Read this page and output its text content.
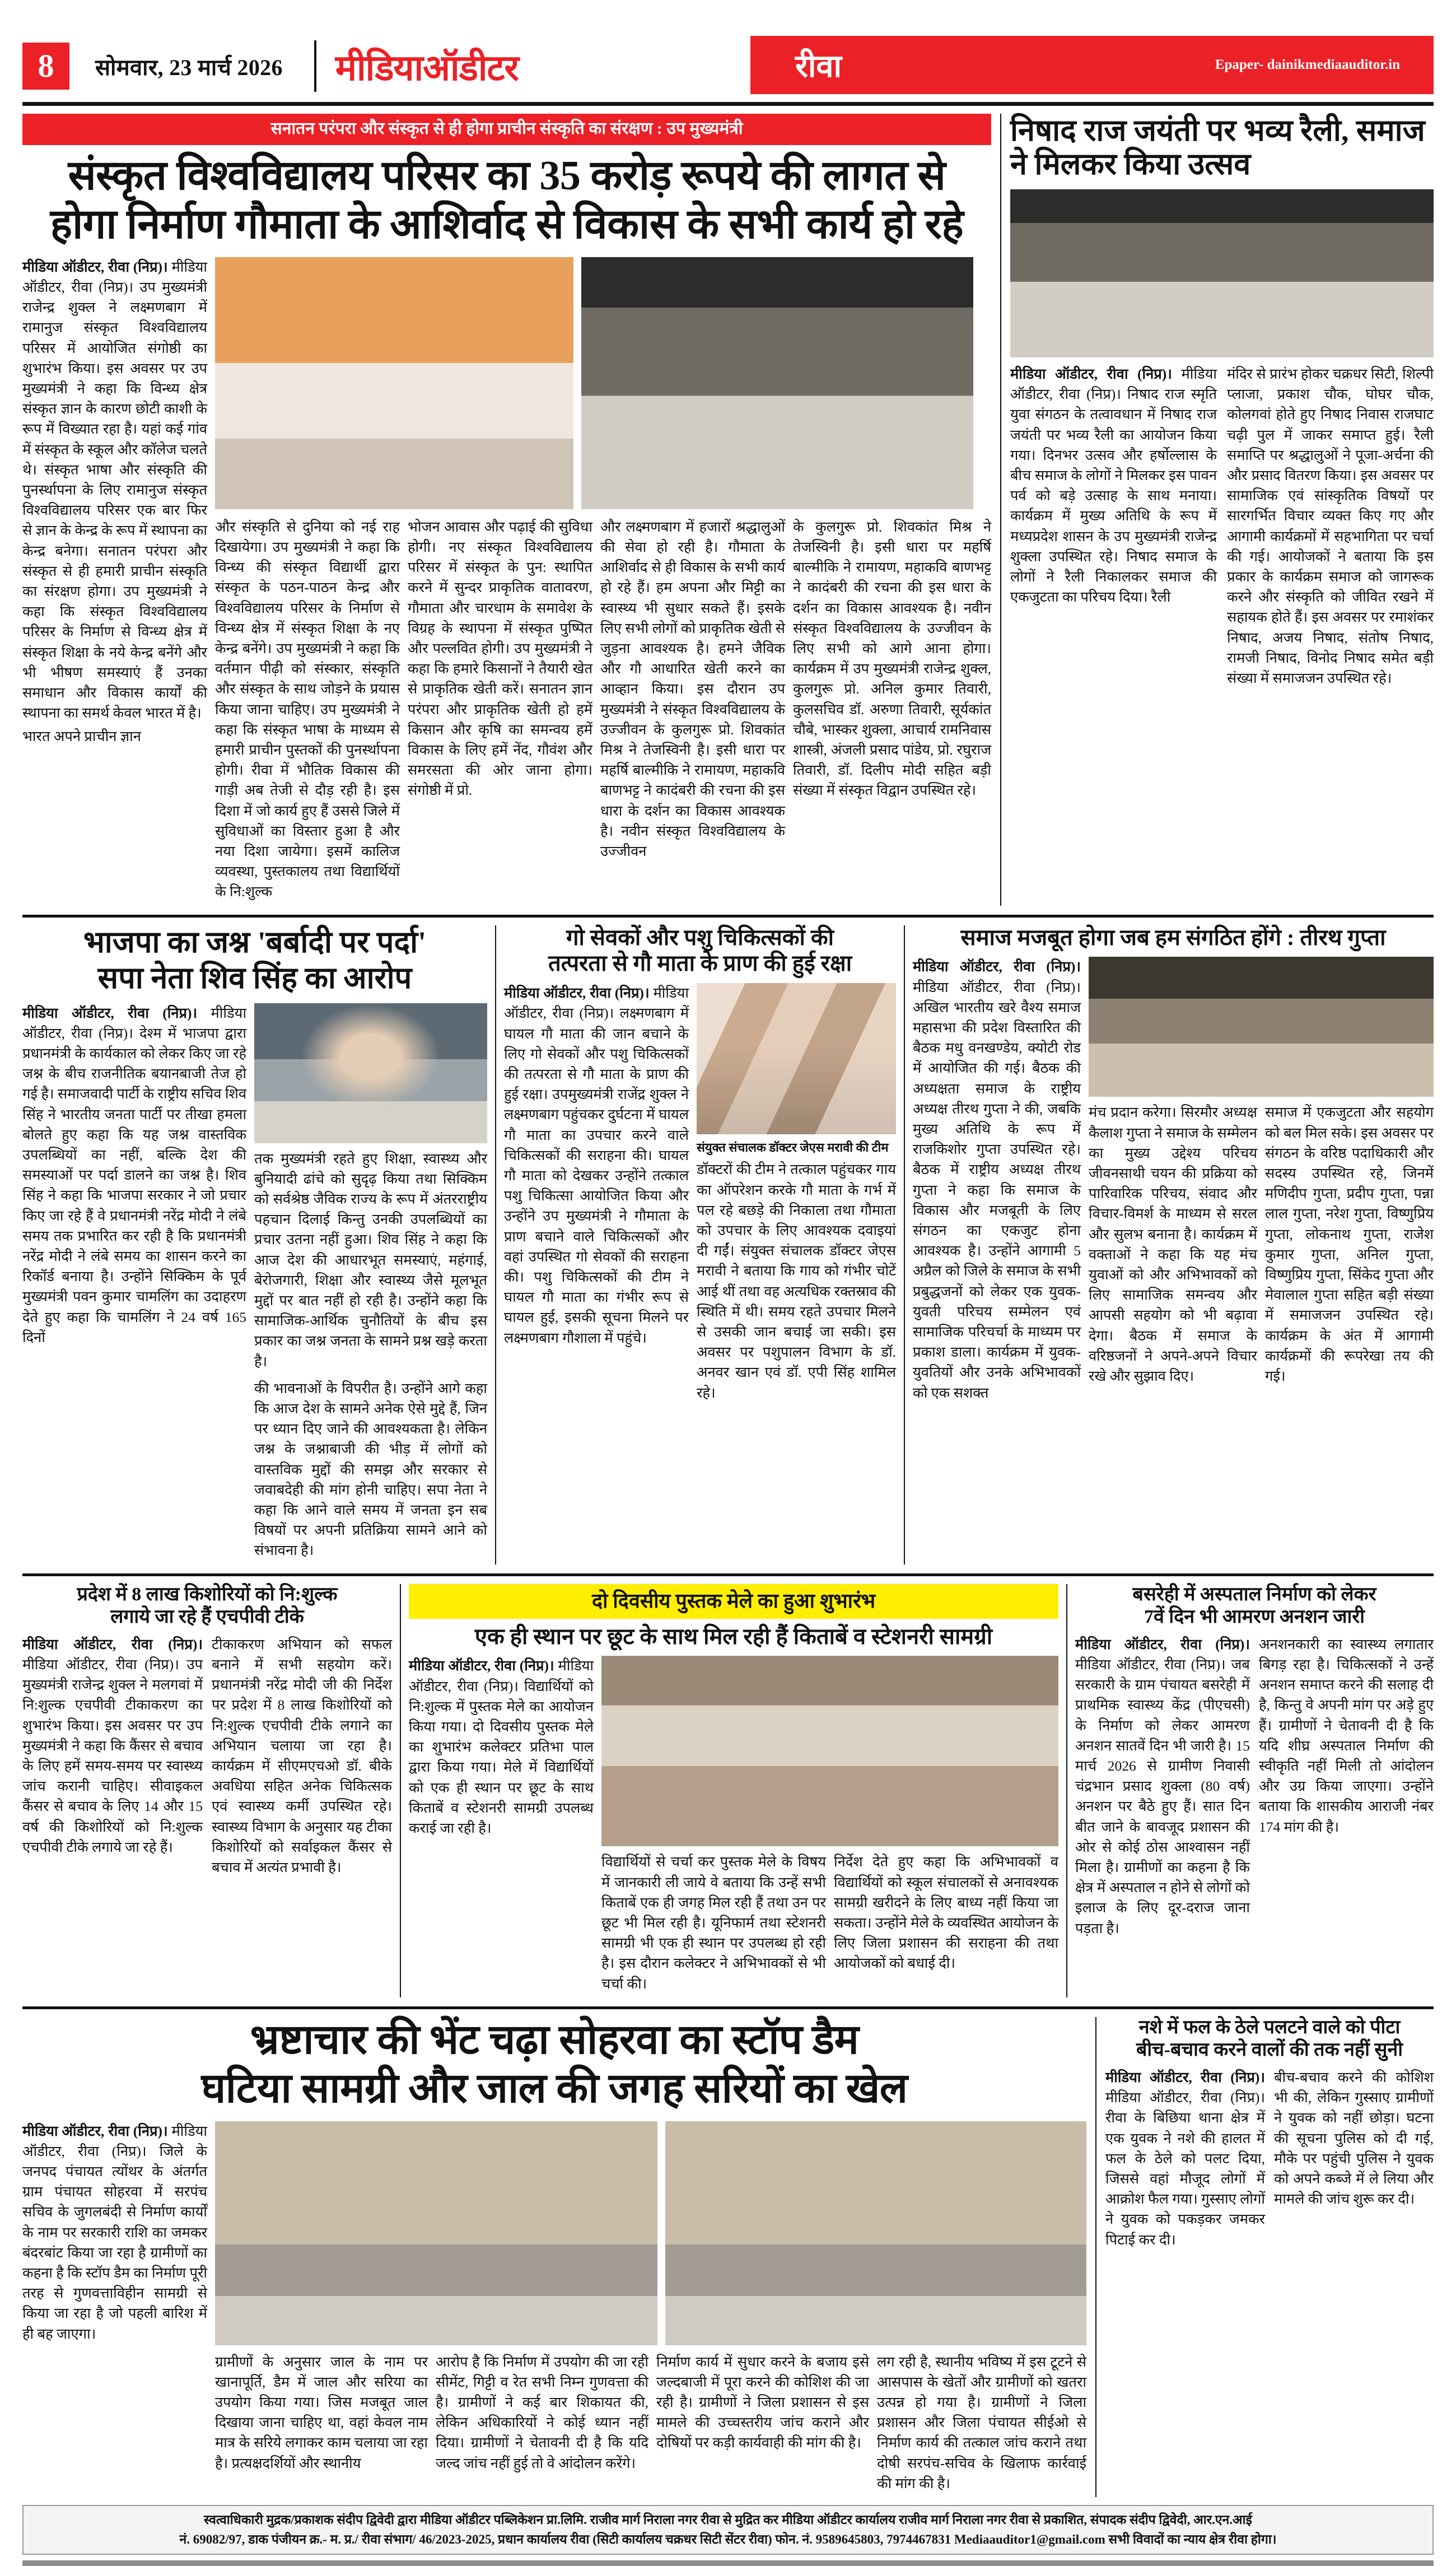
8	सोमवार, 23 मार्च 2026 मीडियाऑडीटर	रीवा	Epaper- dainikmediaauditor.in
सनातन परंपरा और संस्कृत से ही होगा प्राचीन संस्कृति का संरक्षण : उप मुख्यमंत्री
संस्कृत विश्वविद्यालय परिसर का 35 करोड़ रूपये की लागत से
होगा निर्माण गौमाता के आशिर्वाद से विकास के सभी कार्य हो रहे

मीडिया ऑडीटर, रीवा (निप्र)। मीडिया ऑडीटर, रीवा (निप्र)। उप मुख्यमंत्री राजेन्द्र शुक्ल ने लक्ष्मणबाग में रामानुज संस्कृत विश्वविद्यालय परिसर में आयोजित संगोष्ठी का शुभारंभ किया। इस अवसर पर उप मुख्यमंत्री ने कहा कि विन्ध्य क्षेत्र संस्कृत ज्ञान के कारण छोटी काशी के रूप में विख्यात रहा है। यहां कई गांव में संस्कृत के स्कूल और कॉलेज चलते थे। संस्कृत भाषा और संस्कृति की पुनर्स्थापना के लिए रामानुज संस्कृत विश्वविद्यालय परिसर एक बार फिर से ज्ञान के केन्द्र के रूप में स्थापना का केन्द्र बनेगा। सनातन परंपरा और संस्कृत से ही हमारी प्राचीन संस्कृति का संरक्षण होगा। उप मुख्यमंत्री ने कहा कि संस्कृत विश्वविद्यालय परिसर के निर्माण से विन्ध्य क्षेत्र में संस्कृत शिक्षा के नये केन्द्र बनेंगे और भी भीषण समस्याएं हैं उनका समाधान और विकास कार्यों की स्थापना का समर्थ केवल भारत में है।

भारत अपने प्राचीन ज्ञान

और संस्कृति से दुनिया को नई राह दिखायेगा। उप मुख्यमंत्री ने कहा कि विन्ध्य की संस्कृत विद्यार्थी द्वारा संस्कृत के पठन-पाठन केन्द्र और विश्वविद्यालय परिसर के निर्माण से विन्ध्य क्षेत्र में संस्कृत शिक्षा के नए केन्द्र बनेंगे। उप मुख्यमंत्री ने कहा कि वर्तमान पीढ़ी को संस्कार, संस्कृति और संस्कृत के साथ जोड़ने के प्रयास किया जाना चाहिए। उप मुख्यमंत्री ने कहा कि संस्कृत भाषा के माध्यम से हमारी प्राचीन पुस्तकों की पुनर्स्थापना होगी। रीवा में भौतिक विकास की गाड़ी अब तेजी से दौड़ रही है। इस दिशा में जो कार्य हुए हैं उससे जिले में सुविधाओं का विस्तार हुआ है और नया दिशा जायेगा। इसमें कालिज व्यवस्था, पुस्तकालय तथा विद्यार्थियों के नि:शुल्क

भोजन आवास और पढ़ाई की सुविधा होगी। नए संस्कृत विश्वविद्यालय परिसर में संस्कृत के पुन: स्थापित करने में सुन्दर प्राकृतिक वातावरण, गौमाता और चारधाम के समावेश के विग्रह के स्थापना में संस्कृत पुष्पित और पल्लवित होगी। उप मुख्यमंत्री ने कहा कि हमारे किसानों ने तैयारी खेत से प्राकृतिक खेती करें। सनातन ज्ञान परंपरा और प्राकृतिक खेती हो हमें किसान और कृषि का समन्वय हमें विकास के लिए हमें नेंद, गौवंश और समरसता की ओर जाना होगा। संगोष्ठी में प्रो.

और लक्ष्मणबाग में हजारों श्रद्धालुओं की सेवा हो रही है। गौमाता के आशिर्वाद से ही विकास के सभी कार्य हो रहे हैं। हम अपना और मिट्टी का स्वास्थ्य भी सुधार सकते हैं। इसके लिए सभी लोगों को प्राकृतिक खेती से जुड़ना आवश्यक है। हमने जैविक और गौ आधारित खेती करने का आव्हान किया। इस दौरान उप मुख्यमंत्री ने संस्कृत विश्वविद्यालय के उज्जीवन के कुलगुरू प्रो. शिवकांत मिश्र ने तेजस्विनी है। इसी धारा पर महर्षि बाल्मीकि ने रामायण, महाकवि बाणभट्ट ने कादंबरी की रचना की इस धारा के दर्शन का विकास आवश्यक है। नवीन संस्कृत विश्वविद्यालय के उज्जीवन

के कुलगुरू प्रो. शिवकांत मिश्र ने तेजस्विनी है। इसी धारा पर महर्षि बाल्मीकि ने रामायण, महाकवि बाणभट्ट ने कादंबरी की रचना की इस धारा के दर्शन का विकास आवश्यक है। नवीन संस्कृत विश्वविद्यालय के उज्जीवन के लिए सभी को आगे आना होगा। कार्यक्रम में उप मुख्यमंत्री राजेन्द्र शुक्ल, कुलगुरू प्रो. अनिल कुमार तिवारी, कुलसचिव डॉ. अरुणा तिवारी, सूर्यकांत चौबे, भास्कर शुक्ला, आचार्य रामनिवास शास्त्री, अंजली प्रसाद पांडेय, प्रो. रघुराज तिवारी, डॉ. दिलीप मोदी सहित बड़ी संख्या में संस्कृत विद्वान उपस्थित रहे।

निषाद राज जयंती पर भव्य रैली, समाज ने मिलकर किया उत्सव

मीडिया ऑडीटर, रीवा (निप्र)। मीडिया ऑडीटर, रीवा (निप्र)। निषाद राज स्मृति युवा संगठन के तत्वावधान में निषाद राज जयंती पर भव्य रैली का आयोजन किया गया। दिनभर उत्सव और हर्षोल्लास के बीच समाज के लोगों ने मिलकर इस पावन पर्व को बड़े उत्साह के साथ मनाया। कार्यक्रम में मुख्य अतिथि के रूप में मध्यप्रदेश शासन के उप मुख्यमंत्री राजेन्द्र शुक्ला उपस्थित रहे। निषाद समाज के लोगों ने रैली निकालकर समाज की एकजुटता का परिचय दिया। रैली

मंदिर से प्रारंभ होकर चक्रधर सिटी, शिल्पी प्लाजा, प्रकाश चौक, घोघर चौक, कोलगवां होते हुए निषाद निवास राजघाट चढ़ी पुल में जाकर समाप्त हुई। रैली समाप्ति पर श्रद्धालुओं ने पूजा-अर्चना की और प्रसाद वितरण किया। इस अवसर पर सामाजिक एवं सांस्कृतिक विषयों पर सारगर्भित विचार व्यक्त किए गए और आगामी कार्यक्रमों में सहभागिता पर चर्चा की गई। आयोजकों ने बताया कि इस प्रकार के कार्यक्रम समाज को जागरूक करने और संस्कृति को जीवित रखने में सहायक होते हैं। इस अवसर पर रमाशंकर निषाद, अजय निषाद, संतोष निषाद, रामजी निषाद, विनोद निषाद समेत बड़ी संख्या में समाजजन उपस्थित रहे।

भाजपा का जश्न 'बर्बादी पर पर्दा'
सपा नेता शिव सिंह का आरोप

मीडिया ऑडीटर, रीवा (निप्र)। मीडिया ऑडीटर, रीवा (निप्र)। देश्म में भाजपा द्वारा प्रधानमंत्री के कार्यकाल को लेकर किए जा रहे जश्न के बीच राजनीतिक बयानबाजी तेज हो गई है। समाजवादी पार्टी के राष्ट्रीय सचिव शिव सिंह ने भारतीय जनता पार्टी पर तीखा हमला बोलते हुए कहा कि यह जश्न वास्तविक उपलब्धियों का नहीं, बल्कि देश की समस्याओं पर पर्दा डालने का जश्न है। शिव सिंह ने कहा कि भाजपा सरकार ने जो प्रचार किए जा रहे हैं वे प्रधानमंत्री नरेंद्र मोदी ने लंबे समय तक प्रभारित कर रही है कि प्रधानमंत्री नरेंद्र मोदी ने लंबे समय का शासन करने का रिकॉर्ड बनाया है। उन्होंने सिक्किम के पूर्व मुख्यमंत्री पवन कुमार चामलिंग का उदाहरण देते हुए कहा कि चामलिंग ने 24 वर्ष 165 दिनों

तक मुख्यमंत्री रहते हुए शिक्षा, स्वास्थ्य और बुनियादी ढांचे को सुदृढ़ किया तथा सिक्किम को सर्वश्रेष्ठ जैविक राज्य के रूप में अंतरराष्ट्रीय पहचान दिलाई किन्तु उनकी उपलब्धियों का प्रचार उतना नहीं हुआ। शिव सिंह ने कहा कि आज देश की आधारभूत समस्याएं, महंगाई, बेरोजगारी, शिक्षा और स्वास्थ्य जैसे मूलभूत मुद्दों पर बात नहीं हो रही है। उन्होंने कहा कि सामाजिक-आर्थिक चुनौतियों के बीच इस प्रकार का जश्न जनता के सामने प्रश्न खड़े करता है।

की भावनाओं के विपरीत है। उन्होंने आगे कहा कि आज देश के सामने अनेक ऐसे मुद्दे हैं, जिन पर ध्यान दिए जाने की आवश्यकता है। लेकिन जश्न के जश्नाबाजी की भीड़ में लोगों को वास्तविक मुद्दों की समझ और सरकार से जवाबदेही की मांग होनी चाहिए। सपा नेता ने कहा कि आने वाले समय में जनता इन सब विषयों पर अपनी प्रतिक्रिया सामने आने को संभावना है।

गो सेवकों और पशु चिकित्सकों की
तत्परता से गौ माता के प्राण की हुई रक्षा

मीडिया ऑडीटर, रीवा (निप्र)। मीडिया ऑडीटर, रीवा (निप्र)। लक्ष्मणबाग में घायल गौ माता की जान बचाने के लिए गो सेवकों और पशु चिकित्सकों की तत्परता से गौ माता के प्राण की हुई रक्षा। उपमुख्यमंत्री राजेंद्र शुक्ल ने लक्ष्मणबाग पहुंचकर दुर्घटना में घायल गौ माता का उपचार करने वाले चिकित्सकों की सराहना की। घायल गौ माता को देखकर उन्होंने तत्काल पशु चिकित्सा आयोजित किया और उन्होंने उप मुख्यमंत्री ने गौमाता के प्राण बचाने वाले चिकित्सकों और वहां उपस्थित गो सेवकों की सराहना की। पशु चिकित्सकों की टीम ने घायल गौ माता का गंभीर रूप से घायल हुई, इसकी सूचना मिलने पर लक्ष्मणबाग गौशाला में पहुंचे।

संयुक्त संचालक डॉक्टर जेएस मरावी की टीम

डॉक्टरों की टीम ने तत्काल पहुंचकर गाय का ऑपरेशन करके गौ माता के गर्भ में पल रहे बछड़े की निकाला तथा गौमाता को उपचार के लिए आवश्यक दवाइयां दी गईं। संयुक्त संचालक डॉक्टर जेएस मरावी ने बताया कि गाय को गंभीर चोटें आई थीं तथा वह अत्यधिक रक्तस्राव की स्थिति में थी। समय रहते उपचार मिलने से उसकी जान बचाई जा सकी। इस अवसर पर पशुपालन विभाग के डॉ. अनवर खान एवं डॉ. एपी सिंह शामिल रहे।

समाज मजबूत होगा जब हम संगठित होंगे : तीरथ गुप्ता

मीडिया ऑडीटर, रीवा (निप्र)। मीडिया ऑडीटर, रीवा (निप्र)। अखिल भारतीय खरे वैश्य समाज महासभा की प्रदेश विस्तारित की बैठक मधु वनखण्डेय, क्योटी रोड में आयोजित की गई। बैठक की अध्यक्षता समाज के राष्ट्रीय अध्यक्ष तीरथ गुप्ता ने की, जबकि मुख्य अतिथि के रूप में राजकिशोर गुप्ता उपस्थित रहे। बैठक में राष्ट्रीय अध्यक्ष तीरथ गुप्ता ने कहा कि समाज के विकास और मजबूती के लिए संगठन का एकजुट होना आवश्यक है। उन्होंने आगामी 5 अप्रैल को जिले के समाज के सभी प्रबुद्धजनों को लेकर एक युवक-युवती परिचय सम्मेलन एवं सामाजिक परिचर्चा के माध्यम पर प्रकाश डाला। कार्यक्रम में युवक-युवतियों और उनके अभिभावकों को एक सशक्त

मंच प्रदान करेगा। सिरमौर अध्यक्ष कैलाश गुप्ता ने समाज के सम्मेलन का मुख्य उद्देश्य परिचय जीवनसाथी चयन की प्रक्रिया को पारिवारिक परिचय, संवाद और विचार-विमर्श के माध्यम से सरल और सुलभ बनाना है। कार्यक्रम में वक्ताओं ने कहा कि यह मंच युवाओं को और अभिभावकों को लिए सामाजिक समन्वय और आपसी सहयोग को भी बढ़ावा देगा। बैठक में समाज के वरिष्ठजनों ने अपने-अपने विचार रखे और सुझाव दिए।

समाज में एकजुटता और सहयोग को बल मिल सके। इस अवसर पर संगठन के वरिष्ठ पदाधिकारी और सदस्य उपस्थित रहे, जिनमें मणिदीप गुप्ता, प्रदीप गुप्ता, पन्ना लाल गुप्ता, नरेश गुप्ता, विष्णुप्रिय गुप्ता, लोकनाथ गुप्ता, राजेश कुमार गुप्ता, अनिल गुप्ता, विष्णुप्रिय गुप्ता, सिंकेद गुप्ता और मेवालाल गुप्ता सहित बड़ी संख्या में समाजजन उपस्थित रहे। कार्यक्रम के अंत में आगामी कार्यक्रमों की रूपरेखा तय की गई।

प्रदेश में 8 लाख किशोरियों को नि:शुल्क
लगाये जा रहे हैं एचपीवी टीके

मीडिया ऑडीटर, रीवा (निप्र)। मीडिया ऑडीटर, रीवा (निप्र)। उप मुख्यमंत्री राजेन्द्र शुक्ल ने मलगवां में नि:शुल्क एचपीवी टीकाकरण का शुभारंभ किया। इस अवसर पर उप मुख्यमंत्री ने कहा कि कैंसर से बचाव के लिए हमें समय-समय पर स्वास्थ्य जांच करानी चाहिए। सीवाइकल कैंसर से बचाव के लिए 14 और 15 वर्ष की किशोरियों को नि:शुल्क एचपीवी टीके लगाये जा रहे हैं।

टीकाकरण अभियान को सफल बनाने में सभी सहयोग करें। प्रधानमंत्री नरेंद्र मोदी जी की निर्देश पर प्रदेश में 8 लाख किशोरियों को नि:शुल्क एचपीवी टीके लगाने का अभियान चलाया जा रहा है। कार्यक्रम में सीएमएचओ डॉ. बीके अवधिया सहित अनेक चिकित्सक एवं स्वास्थ्य कर्मी उपस्थित रहे। स्वास्थ्य विभाग के अनुसार यह टीका किशोरियों को सर्वाइकल कैंसर से बचाव में अत्यंत प्रभावी है।

दो दिवसीय पुस्तक मेले का हुआ शुभारंभ
एक ही स्थान पर छूट के साथ मिल रही हैं किताबें व स्टेशनरी सामग्री

मीडिया ऑडीटर, रीवा (निप्र)। मीडिया ऑडीटर, रीवा (निप्र)। विद्यार्थियों को नि:शुल्क में पुस्तक मेले का आयोजन किया गया। दो दिवसीय पुस्तक मेले का शुभारंभ कलेक्टर प्रतिभा पाल द्वारा किया गया। मेले में विद्यार्थियों को एक ही स्थान पर छूट के साथ किताबें व स्टेशनरी सामग्री उपलब्ध कराई जा रही है।

विद्यार्थियों से चर्चा कर पुस्तक मेले के विषय में जानकारी ली जाये वे बताया कि उन्हें सभी किताबें एक ही जगह मिल रही हैं तथा उन पर छूट भी मिल रही है। यूनिफार्म तथा स्टेशनरी सामग्री भी एक ही स्थान पर उपलब्ध हो रही है। इस दौरान कलेक्टर ने अभिभावकों से भी चर्चा की।

निर्देश देते हुए कहा कि अभिभावकों व विद्यार्थियों को स्कूल संचालकों से अनावश्यक सामग्री खरीदने के लिए बाध्य नहीं किया जा सकता। उन्होंने मेले के व्यवस्थित आयोजन के लिए जिला प्रशासन की सराहना की तथा आयोजकों को बधाई दी।

बसरेही में अस्पताल निर्माण को लेकर
7वें दिन भी आमरण अनशन जारी

मीडिया ऑडीटर, रीवा (निप्र)। मीडिया ऑडीटर, रीवा (निप्र)। जब सरकारी के ग्राम पंचायत बसरेही में प्राथमिक स्वास्थ्य केंद्र (पीएचसी) के निर्माण को लेकर आमरण अनशन सातवें दिन भी जारी है। 15 मार्च 2026 से ग्रामीण निवासी चंद्रभान प्रसाद शुक्ला (80 वर्ष) अनशन पर बैठे हुए हैं। सात दिन बीत जाने के बावजूद प्रशासन की ओर से कोई ठोस आश्वासन नहीं मिला है। ग्रामीणों का कहना है कि क्षेत्र में अस्पताल न होने से लोगों को इलाज के लिए दूर-दराज जाना पड़ता है।

अनशनकारी का स्वास्थ्य लगातार बिगड़ रहा है। चिकित्सकों ने उन्हें अनशन समाप्त करने की सलाह दी है, किन्तु वे अपनी मांग पर अड़े हुए हैं। ग्रामीणों ने चेतावनी दी है कि यदि शीघ्र अस्पताल निर्माण की स्वीकृति नहीं मिली तो आंदोलन और उग्र किया जाएगा। उन्होंने बताया कि शासकीय आराजी नंबर 174 मांग की है।

भ्रष्टाचार की भेंट चढ़ा सोहरवा का स्टॉप डैम
घटिया सामग्री और जाल की जगह सरियों का खेल

मीडिया ऑडीटर, रीवा (निप्र)। मीडिया ऑडीटर, रीवा (निप्र)। जिले के जनपद पंचायत त्योंथर के अंतर्गत ग्राम पंचायत सोहरवा में सरपंच सचिव के जुगलबंदी से निर्माण कार्यों के नाम पर सरकारी राशि का जमकर बंदरबांट किया जा रहा है ग्रामीणों का कहना है कि स्टॉप डैम का निर्माण पूरी तरह से गुणवत्ताविहीन सामग्री से किया जा रहा है जो पहली बारिश में ही बह जाएगा।

ग्रामीणों के अनुसार जाल के नाम पर खानापूर्ति, डैम में जाल और सरिया का उपयोग किया गया। जिस मजबूत जाल दिखाया जाना चाहिए था, वहां केवल नाम मात्र के सरिये लगाकर काम चलाया जा रहा है। प्रत्यक्षदर्शियों और स्थानीय

आरोप है कि निर्माण में उपयोग की जा रही सीमेंट, गिट्टी व रेत सभी निम्न गुणवत्ता की है। ग्रामीणों ने कई बार शिकायत की, लेकिन अधिकारियों ने कोई ध्यान नहीं दिया। ग्रामीणों ने चेतावनी दी है कि यदि जल्द जांच नहीं हुई तो वे आंदोलन करेंगे।

निर्माण कार्य में सुधार करने के बजाय इसे जल्दबाजी में पूरा करने की कोशिश की जा रही है। ग्रामीणों ने जिला प्रशासन से इस मामले की उच्चस्तरीय जांच कराने और दोषियों पर कड़ी कार्यवाही की मांग की है।

लग रही है, स्थानीय भविष्य में इस टूटने से आसपास के खेतों और ग्रामीणों को खतरा उत्पन्न हो गया है। ग्रामीणों ने जिला प्रशासन और जिला पंचायत सीईओ से निर्माण कार्य की तत्काल जांच कराने तथा दोषी सरपंच-सचिव के खिलाफ कार्रवाई की मांग की है।

नशे में फल के ठेले पलटने वाले को पीटा
बीच-बचाव करने वालों की तक नहीं सुनी

मीडिया ऑडीटर, रीवा (निप्र)। मीडिया ऑडीटर, रीवा (निप्र)। रीवा के बिछिया थाना क्षेत्र में एक युवक ने नशे की हालत में फल के ठेले को पलट दिया, जिससे वहां मौजूद लोगों में आक्रोश फैल गया। गुस्साए लोगों ने युवक को पकड़कर जमकर पिटाई कर दी।

बीच-बचाव करने की कोशिश भी की, लेकिन गुस्साए ग्रामीणों ने युवक को नहीं छोड़ा। घटना की सूचना पुलिस को दी गई, मौके पर पहुंची पुलिस ने युवक को अपने कब्जे में ले लिया और मामले की जांच शुरू कर दी।

स्वत्वाधिकारी मुद्रक/प्रकाशक संदीप द्विवेदी द्वारा मीडिया ऑडीटर पब्लिकेशन प्रा.लिमि. राजीव मार्ग निराला नगर रीवा से मुद्रित कर मीडिया ऑडीटर कार्यालय राजीव मार्ग निराला नगर रीवा से प्रकाशित, संपादक संदीप द्विवेदी, आर.एन.आई
नं. 69082/97, डाक पंजीयन क्र.- म. प्र./ रीवा संभाग/ 46/2023-2025, प्रधान कार्यालय रीवा (सिटी कार्यालय चक्रधर सिटी सेंटर रीवा) फोन. नं. 9589645803, 7974467831 Mediaauditor1@gmail.com सभी विवादों का न्याय क्षेत्र रीवा होगा।
